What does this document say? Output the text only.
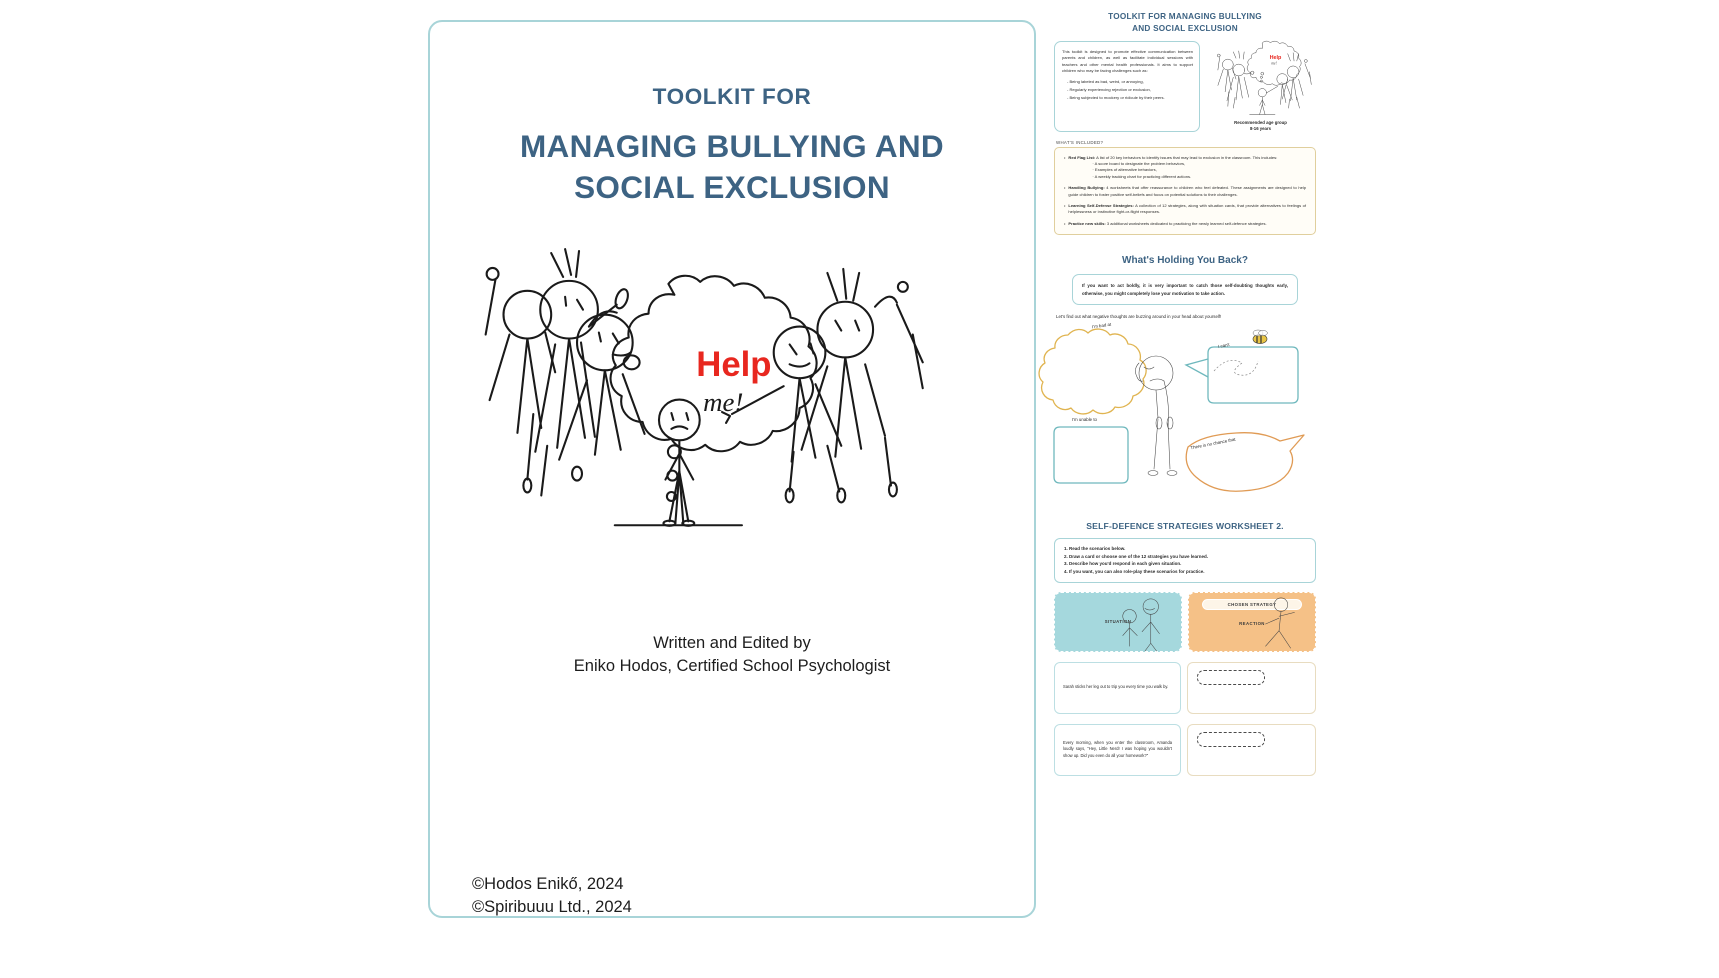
TOOLKIT FOR
MANAGING BULLYING AND
SOCIAL EXCLUSION
Help
me!
Written and Edited by
Eniko Hodos, Certified School Psychologist
©Hodos Enikő, 2024
©Spiribuuu Ltd., 2024
TOOLKIT FOR MANAGING BULLYING
AND SOCIAL EXCLUSION

This toolkit is designed to promote effective communication between parents and children, as well as facilitate individual sessions with teachers and other mental health professionals. It aims to support children who may be facing challenges such as:

- Being labeled as bad, weird, or annoying,
- Regularly experiencing rejection or exclusion,
- Being subjected to mockery or ridicule by their peers.
Help
me!
Recommended age group
8-16 years
WHAT'S INCLUDED?
• Red Flag List: A list of 20 key behaviors to identify issues that may lead to exclusion in the classroom. This includes:
· A score board to designate the problem behaviors,
· Examples of alternative behaviors,
· A weekly tracking chart for practicing different actions.
• Handling Bullying: 4 worksheets that offer reassurance to children who feel defeated. These assignments are designed to help guide children to foster positive self-beliefs and focus on potential solutions to their challenges.
• Learning Self-Defense Strategies: A collection of 12 strategies, along with situation cards, that provide alternatives to feelings of helplessness or instinctive fight-or-flight responses.
• Practice new skills: 3 additional worksheets dedicated to practicing the newly learned self-defence strategies.
What's Holding You Back?
If you want to act boldly, it is very important to catch those self-doubting thoughts early, otherwise, you might completely lose your motivation to take action.
Let's find out what negative thoughts are buzzing around in your head about yourself!
I'm bad at
I can't
I'm unable to
There is no chance that
SELF-DEFENCE STRATEGIES WORKSHEET 2.
1. Read the scenarios below.
2. Draw a card or choose one of the 12 strategies you have learned.
3. Describe how you'd respond in each given situation.
4. If you want, you can also role-play these scenarios for practice.
SITUATION
CHOSEN STRATEGY
REACTION
Sarah sticks her leg out to trip you every time you walk by.
Every morning, when you enter the classroom, Amanda loudly says, "Hey, Little Nerd! I was hoping you wouldn't show up. Did you even do all your homework?"
